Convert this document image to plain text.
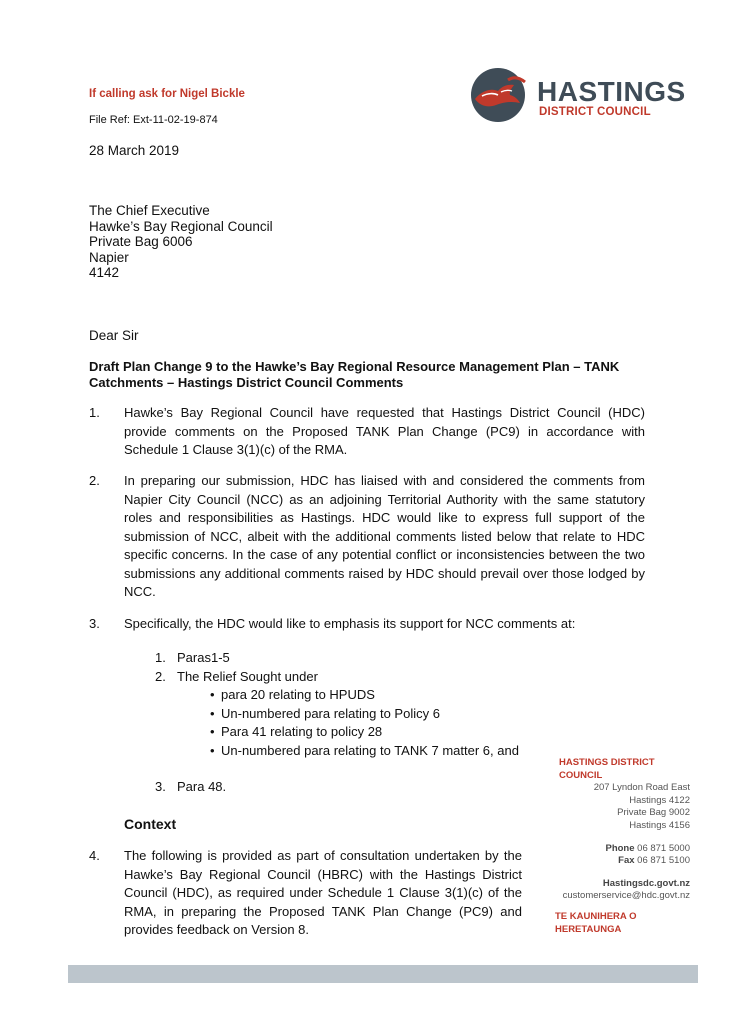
If calling ask for Nigel Bickle
File Ref: Ext-11-02-19-874
28 March 2019
HASTINGS
DISTRICT COUNCIL
The Chief Executive
Hawke’s Bay Regional Council
Private Bag 6006
Napier
4142
Dear Sir
Draft Plan Change 9 to the Hawke’s Bay Regional Resource Management Plan – TANK Catchments – Hastings District Council Comments
1. Hawke’s Bay Regional Council have requested that Hastings District Council (HDC) provide comments on the Proposed TANK Plan Change (PC9) in accordance with Schedule 1 Clause 3(1)(c) of the RMA.
2. In preparing our submission, HDC has liaised with and considered the comments from Napier City Council (NCC) as an adjoining Territorial Authority with the same statutory roles and responsibilities as Hastings. HDC would like to express full support of the submission of NCC, albeit with the additional comments listed below that relate to HDC specific concerns. In the case of any potential conflict or inconsistencies between the two submissions any additional comments raised by HDC should prevail over those lodged by NCC.
3. Specifically, the HDC would like to emphasis its support for NCC comments at:
1. Paras1-5
2. The Relief Sought under
3. Para 48.
• para 20 relating to HPUDS
• Un-numbered para relating to Policy 6
• Para 41 relating to policy 28
• Un-numbered para relating to TANK 7 matter 6, and
Context
4. The following is provided as part of consultation undertaken by the Hawke’s Bay Regional Council (HBRC) with the Hastings District Council (HDC), as required under Schedule 1 Clause 3(1)(c) of the RMA, in preparing the Proposed TANK Plan Change (PC9) and provides feedback on Version 8.
HASTINGS DISTRICT COUNCIL
207 Lyndon Road East
Hastings 4122
Private Bag 9002
Hastings 4156
Phone 06 871 5000
Fax 06 871 5100
Hastingsdc.govt.nz
customerservice@hdc.govt.nz
TE KAUNIHERA O HERETAUNGA
